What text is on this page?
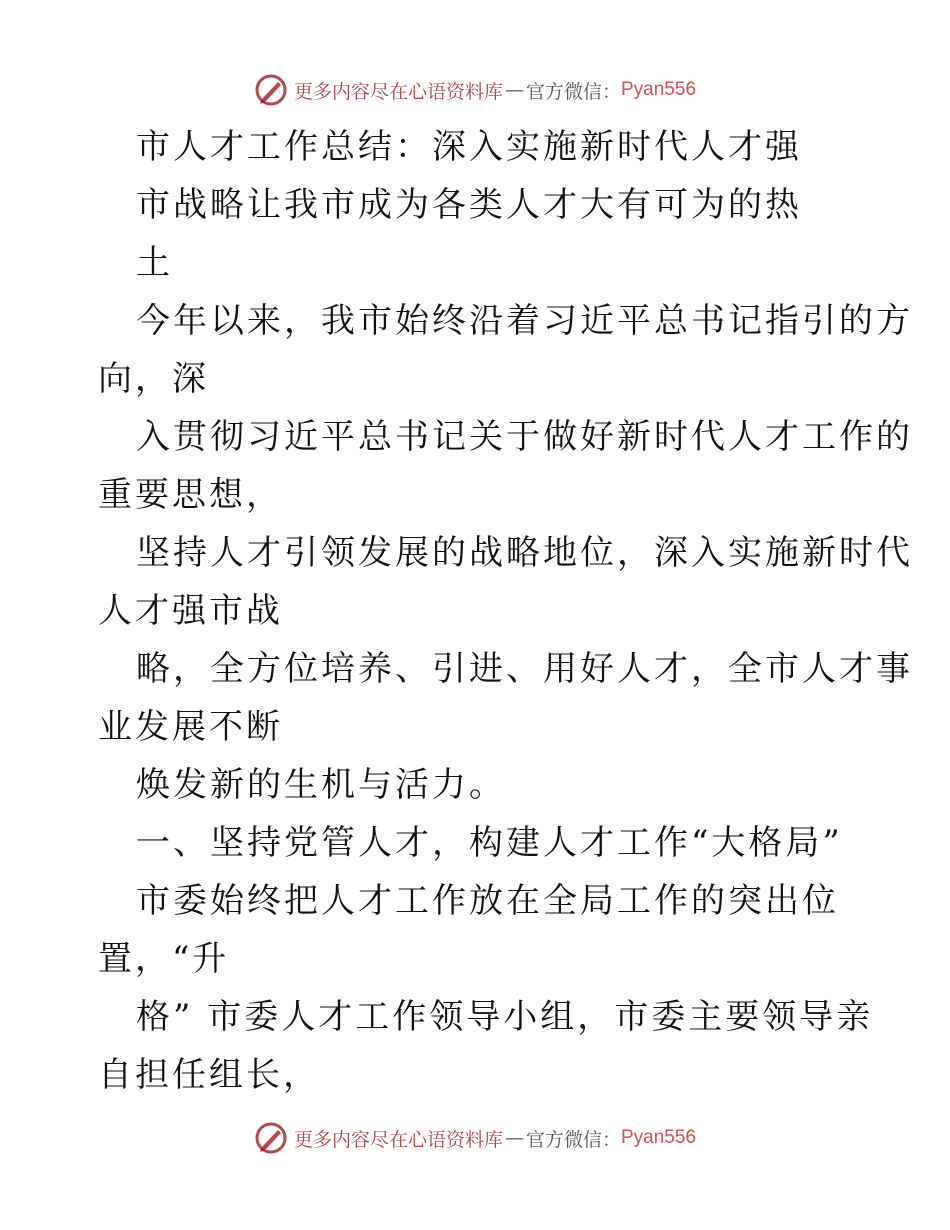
更多内容尽在心语资料库 — 官方微信： Pyan556
市人才工作总结：深入实施新时代人才强
市战略让我市成为各类人才大有可为的热
土
今年以来，我市始终沿着习近平总书记指引的方
向，深
入贯彻习近平总书记关于做好新时代人才工作的
重要思想，
坚持人才引领发展的战略地位，深入实施新时代
人才强市战
略，全方位培养、引进、用好人才，全市人才事
业发展不断
焕发新的生机与活力。
一、坚持党管人才，构建人才工作“大格局”
市委始终把人才工作放在全局工作的突出位
置，“升
格” 市委人才工作领导小组，市委主要领导亲
自担任组长，
更多内容尽在心语资料库 — 官方微信： Pyan556
